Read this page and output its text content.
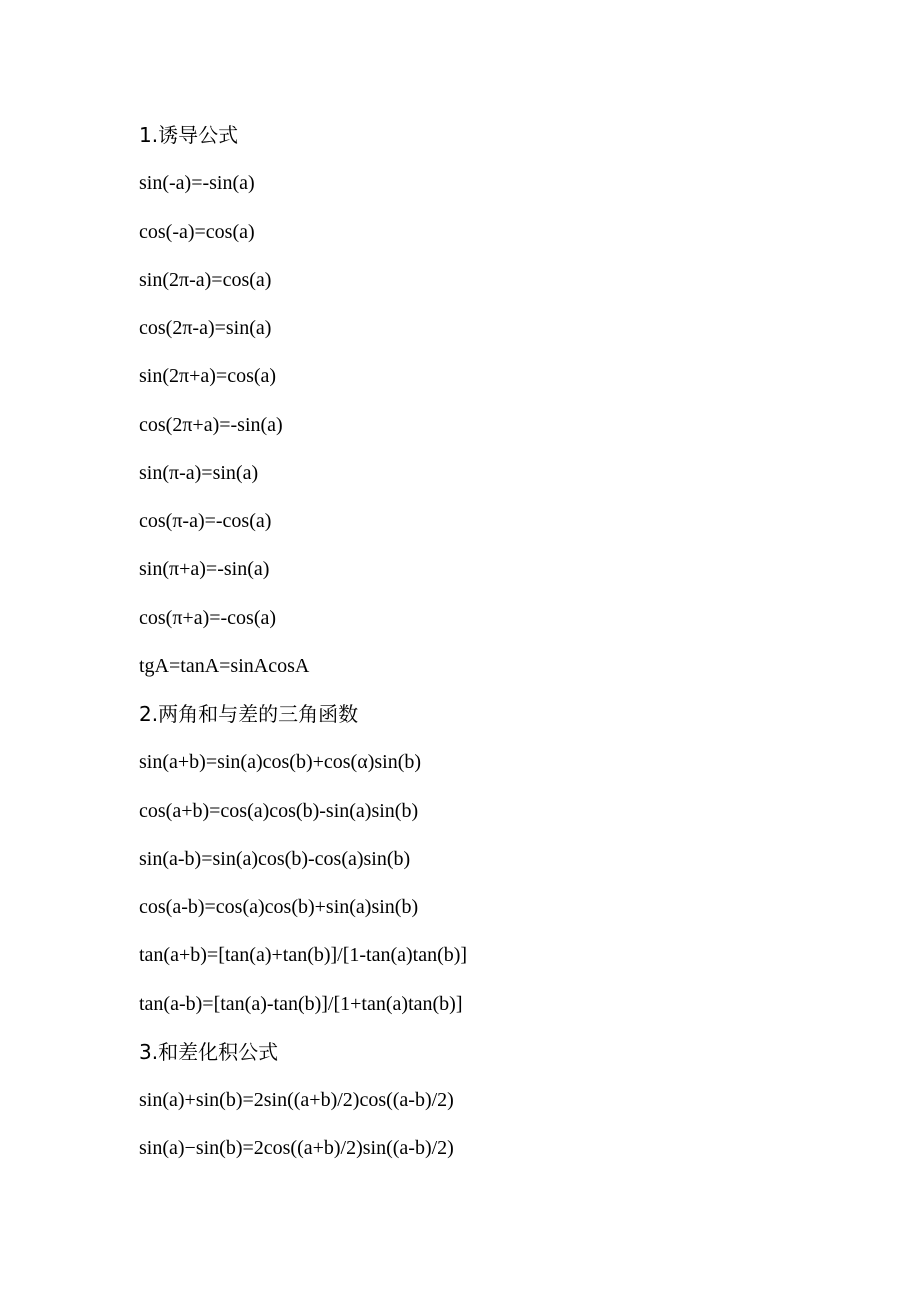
1.诱导公式
sin(-a)=-sin(a)
cos(-a)=cos(a)
sin(2π-a)=cos(a)
cos(2π-a)=sin(a)
sin(2π+a)=cos(a)
cos(2π+a)=-sin(a)
sin(π-a)=sin(a)
cos(π-a)=-cos(a)
sin(π+a)=-sin(a)
cos(π+a)=-cos(a)
tgA=tanA=sinAcosA
2.两角和与差的三角函数
sin(a+b)=sin(a)cos(b)+cos(α)sin(b)
cos(a+b)=cos(a)cos(b)-sin(a)sin(b)
sin(a-b)=sin(a)cos(b)-cos(a)sin(b)
cos(a-b)=cos(a)cos(b)+sin(a)sin(b)
tan(a+b)=[tan(a)+tan(b)]/[1-tan(a)tan(b)]
tan(a-b)=[tan(a)-tan(b)]/[1+tan(a)tan(b)]
3.和差化积公式
sin(a)+sin(b)=2sin((a+b)/2)cos((a-b)/2)
sin(a)−sin(b)=2cos((a+b)/2)sin((a-b)/2)
